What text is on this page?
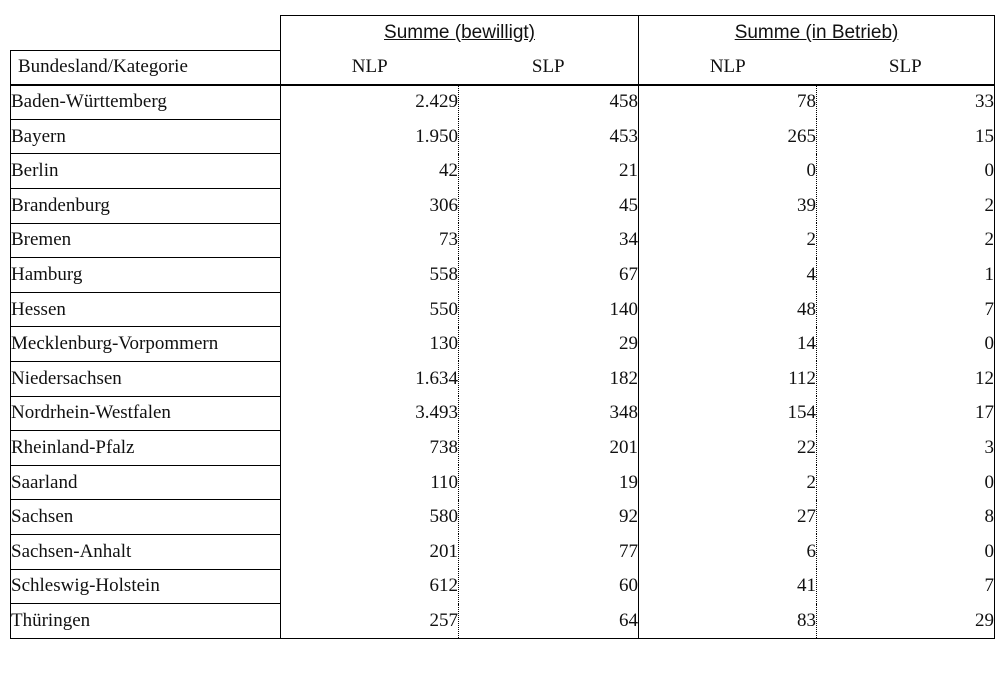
	Summe (bewilligt)		Summe (in Betrieb)	
Bundesland/Kategorie	NLP	SLP	NLP	SLP
Baden-Württemberg	2.429	458	78	33
Bayern	1.950	453	265	15
Berlin	42	21	0	0
Brandenburg	306	45	39	2
Bremen	73	34	2	2
Hamburg	558	67	4	1
Hessen	550	140	48	7
Mecklenburg-Vorpommern	130	29	14	0
Niedersachsen	1.634	182	112	12
Nordrhein-Westfalen	3.493	348	154	17
Rheinland-Pfalz	738	201	22	3
Saarland	110	19	2	0
Sachsen	580	92	27	8
Sachsen-Anhalt	201	77	6	0
Schleswig-Holstein	612	60	41	7
Thüringen	257	64	83	29
